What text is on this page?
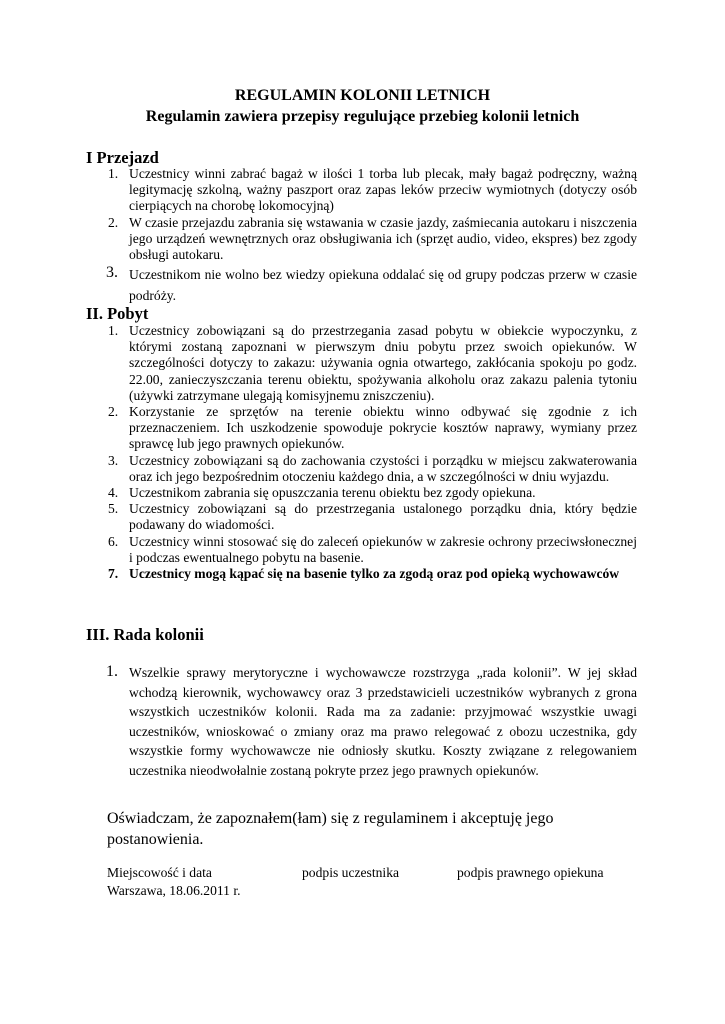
REGULAMIN KOLONII LETNICH
Regulamin zawiera przepisy regulujące przebieg kolonii letnich
I Przejazd
1. Uczestnicy winni zabrać bagaż w ilości 1 torba lub plecak, mały bagaż podręczny, ważną legitymację szkolną, ważny paszport oraz zapas leków przeciw wymiotnych (dotyczy osób cierpiących na chorobę lokomocyjną)
2. W czasie przejazdu zabrania się wstawania w czasie jazdy, zaśmiecania autokaru i niszczenia jego urządzeń wewnętrznych oraz obsługiwania ich (sprzęt audio, video, ekspres) bez zgody obsługi autokaru.
3. Uczestnikom nie wolno bez wiedzy opiekuna oddalać się od grupy podczas przerw w czasie podróży.
II. Pobyt
1. Uczestnicy zobowiązani są do przestrzegania zasad pobytu w obiekcie wypoczynku, z którymi zostaną zapoznani w pierwszym dniu pobytu przez swoich opiekunów. W szczególności dotyczy to zakazu: używania ognia otwartego, zakłócania spokoju po godz. 22.00, zanieczyszczania terenu obiektu, spożywania alkoholu oraz zakazu palenia tytoniu (używki zatrzymane ulegają komisyjnemu zniszczeniu).
2. Korzystanie ze sprzętów na terenie obiektu winno odbywać się zgodnie z ich przeznaczeniem. Ich uszkodzenie spowoduje pokrycie kosztów naprawy, wymiany przez sprawcę lub jego prawnych opiekunów.
3. Uczestnicy zobowiązani są do zachowania czystości i porządku w miejscu zakwaterowania oraz ich jego bezpośrednim otoczeniu każdego dnia, a w szczególności w dniu wyjazdu.
4. Uczestnikom zabrania się opuszczania terenu obiektu bez zgody opiekuna.
5. Uczestnicy zobowiązani są do przestrzegania ustalonego porządku dnia, który będzie podawany do wiadomości.
6. Uczestnicy winni stosować się do zaleceń opiekunów w zakresie ochrony przeciwsłonecznej i podczas ewentualnego pobytu na basenie.
7. Uczestnicy mogą kąpać się na basenie tylko za zgodą oraz pod opieką wychowawców
III. Rada kolonii
1. Wszelkie sprawy merytoryczne i wychowawcze rozstrzyga „rada kolonii”. W jej skład wchodzą kierownik, wychowawcy oraz 3 przedstawicieli uczestników wybranych z grona wszystkich uczestników kolonii. Rada ma za zadanie: przyjmować wszystkie uwagi uczestników, wnioskować o zmiany oraz ma prawo relegować z obozu uczestnika, gdy wszystkie formy wychowawcze nie odniosły skutku. Koszty związane z relegowaniem uczestnika nieodwołalnie zostaną pokryte przez jego prawnych opiekunów.
Oświadczam, że zapoznałem(łam) się z regulaminem i akceptuję jego postanowienia.
Miejscowość i data	podpis uczestnika	podpis prawnego opiekuna
Warszawa, 18.06.2011 r.
